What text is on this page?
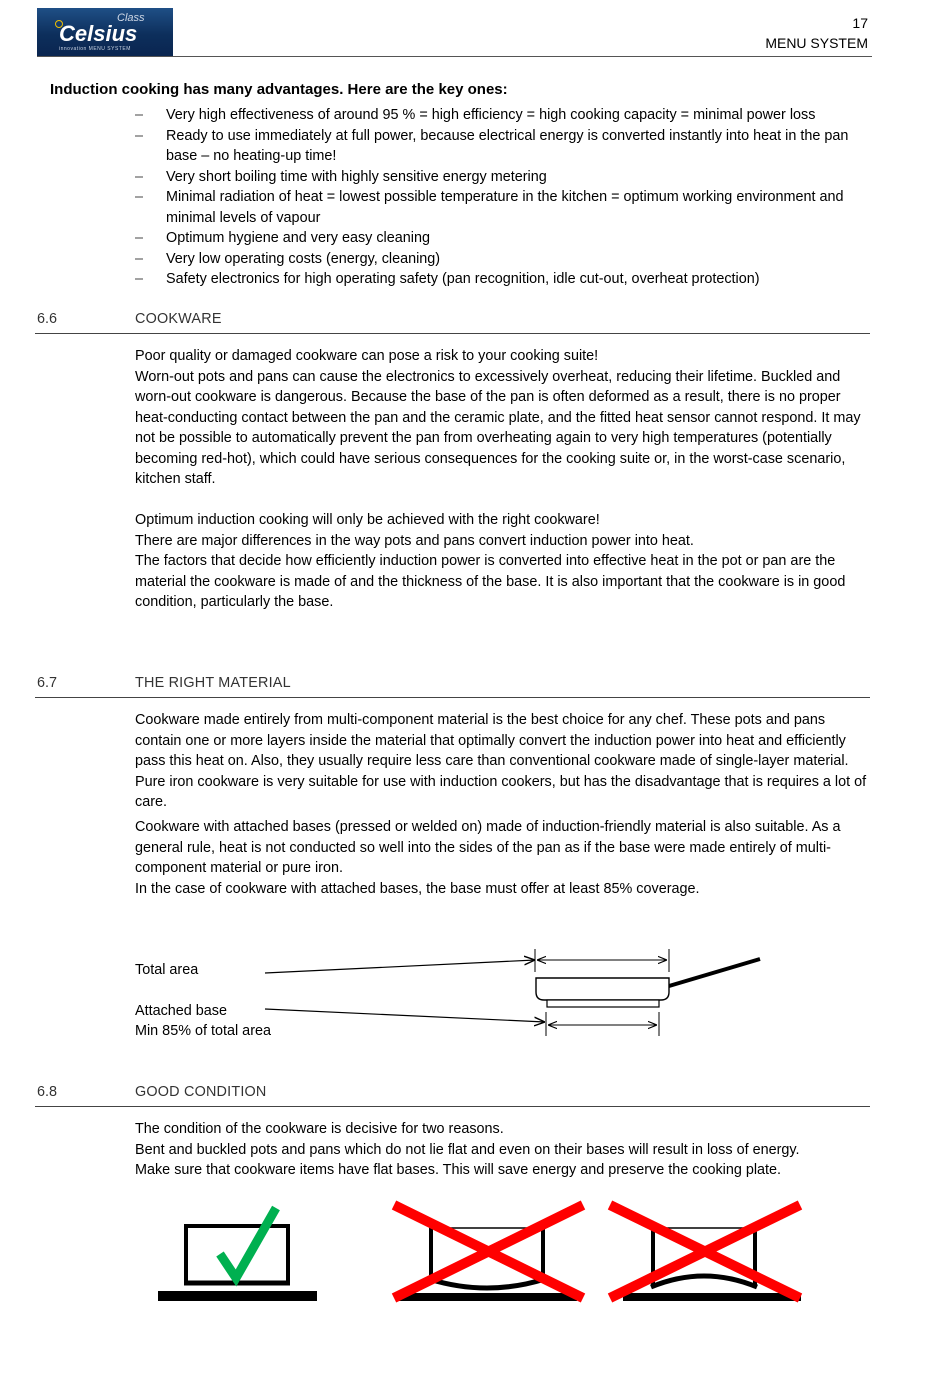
Celsius
Class
innovation MENU SYSTEM
17
MENU SYSTEM
Induction cooking has many advantages. Here are the key ones:
– Very high effectiveness of around 95 % = high efficiency = high cooking capacity = minimal power loss
– Ready to use immediately at full power, because electrical energy is converted instantly into heat in the pan base – no heating-up time!
– Very short boiling time with highly sensitive energy metering
– Minimal radiation of heat = lowest possible temperature in the kitchen = optimum working environment and minimal levels of vapour
– Optimum hygiene and very easy cleaning
– Very low operating costs (energy, cleaning)
– Safety electronics for high operating safety (pan recognition, idle cut-out, overheat protection)
6.6	COOKWARE
Poor quality or damaged cookware can pose a risk to your cooking suite!
Worn-out pots and pans can cause the electronics to excessively overheat, reducing their lifetime. Buckled and worn-out cookware is dangerous. Because the base of the pan is often deformed as a result, there is no proper heat-conducting contact between the pan and the ceramic plate, and the fitted heat sensor cannot respond. It may not be possible to automatically prevent the pan from overheating again to very high temperatures (potentially becoming red-hot), which could have serious consequences for the cooking suite or, in the worst-case scenario, kitchen staff.
Optimum induction cooking will only be achieved with the right cookware!
There are major differences in the way pots and pans convert induction power into heat.
The factors that decide how efficiently induction power is converted into effective heat in the pot or pan are the material the cookware is made of and the thickness of the base. It is also important that the cookware is in good condition, particularly the base.
6.7	THE RIGHT MATERIAL
Cookware made entirely from multi-component material is the best choice for any chef. These pots and pans contain one or more layers inside the material that optimally convert the induction power into heat and efficiently pass this heat on. Also, they usually require less care than conventional cookware made of single-layer material. Pure iron cookware is very suitable for use with induction cookers, but has the disadvantage that is requires a lot of care.
Cookware with attached bases (pressed or welded on) made of induction-friendly material is also suitable. As a general rule, heat is not conducted so well into the sides of the pan as if the base were made entirely of multi-component material or pure iron.
In the case of cookware with attached bases, the base must offer at least 85% coverage.
Total area
Attached base
Min 85% of total area
6.8	GOOD CONDITION
The condition of the cookware is decisive for two reasons.
Bent and buckled pots and pans which do not lie flat and even on their bases will result in loss of energy.
Make sure that cookware items have flat bases. This will save energy and preserve the cooking plate.
